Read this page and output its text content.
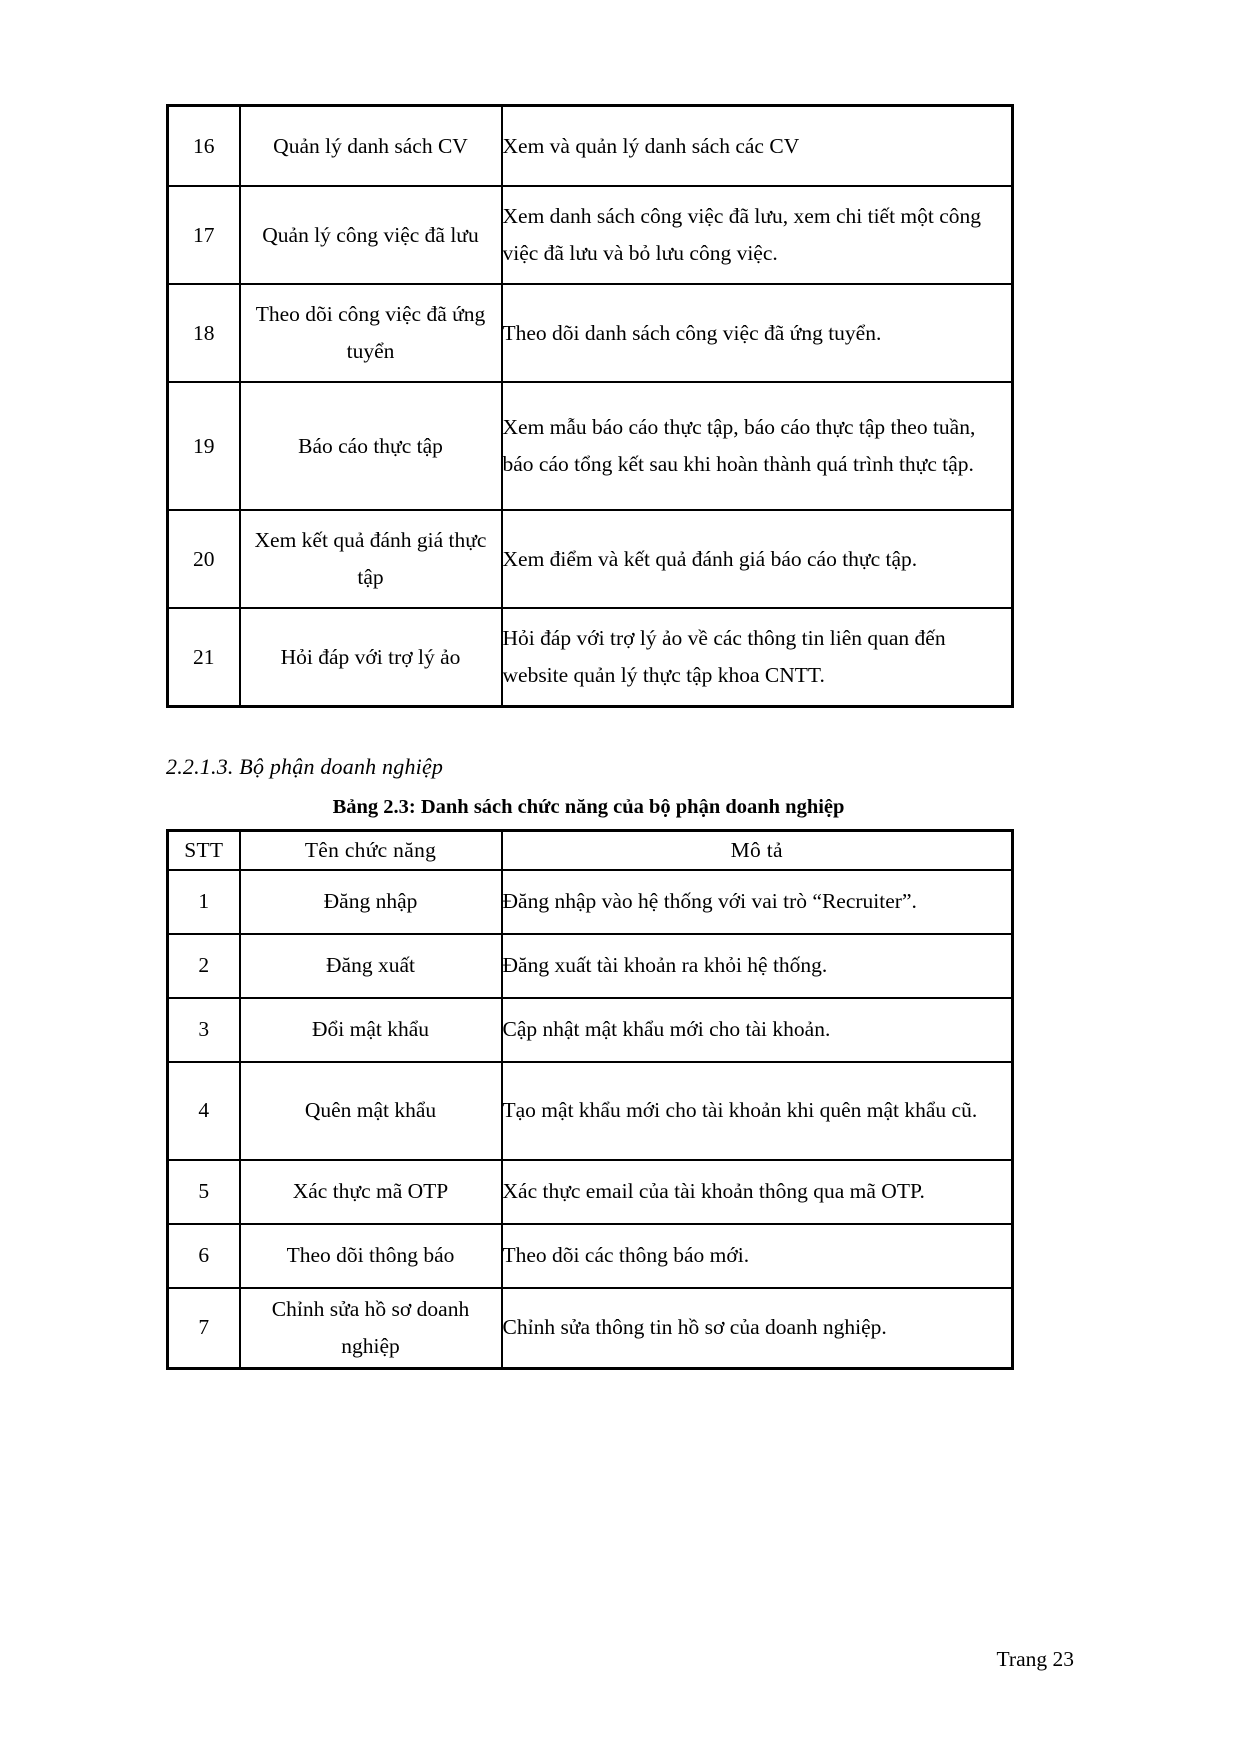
16	Quản lý danh sách CV	Xem và quản lý danh sách các CV
17	Quản lý công việc đã lưu	Xem danh sách công việc đã lưu, xem chi tiết một công việc đã lưu và bỏ lưu công việc.
18	Theo dõi công việc đã ứng tuyển	Theo dõi danh sách công việc đã ứng tuyển.
19	Báo cáo thực tập	Xem mẫu báo cáo thực tập, báo cáo thực tập theo tuần, báo cáo tổng kết sau khi hoàn thành quá trình thực tập.
20	Xem kết quả đánh giá thực tập	Xem điểm và kết quả đánh giá báo cáo thực tập.
21	Hỏi đáp với trợ lý ảo	Hỏi đáp với trợ lý ảo về các thông tin liên quan đến website quản lý thực tập khoa CNTT.
2.2.1.3. Bộ phận doanh nghiệp
Bảng 2.3: Danh sách chức năng của bộ phận doanh nghiệp
STT	Tên chức năng	Mô tả
1	Đăng nhập	Đăng nhập vào hệ thống với vai trò “Recruiter”.
2	Đăng xuất	Đăng xuất tài khoản ra khỏi hệ thống.
3	Đổi mật khẩu	Cập nhật mật khẩu mới cho tài khoản.
4	Quên mật khẩu	Tạo mật khẩu mới cho tài khoản khi quên mật khẩu cũ.
5	Xác thực mã OTP	Xác thực email của tài khoản thông qua mã OTP.
6	Theo dõi thông báo	Theo dõi các thông báo mới.
7	Chỉnh sửa hồ sơ doanh nghiệp	Chỉnh sửa thông tin hồ sơ của doanh nghiệp.
Trang 23
